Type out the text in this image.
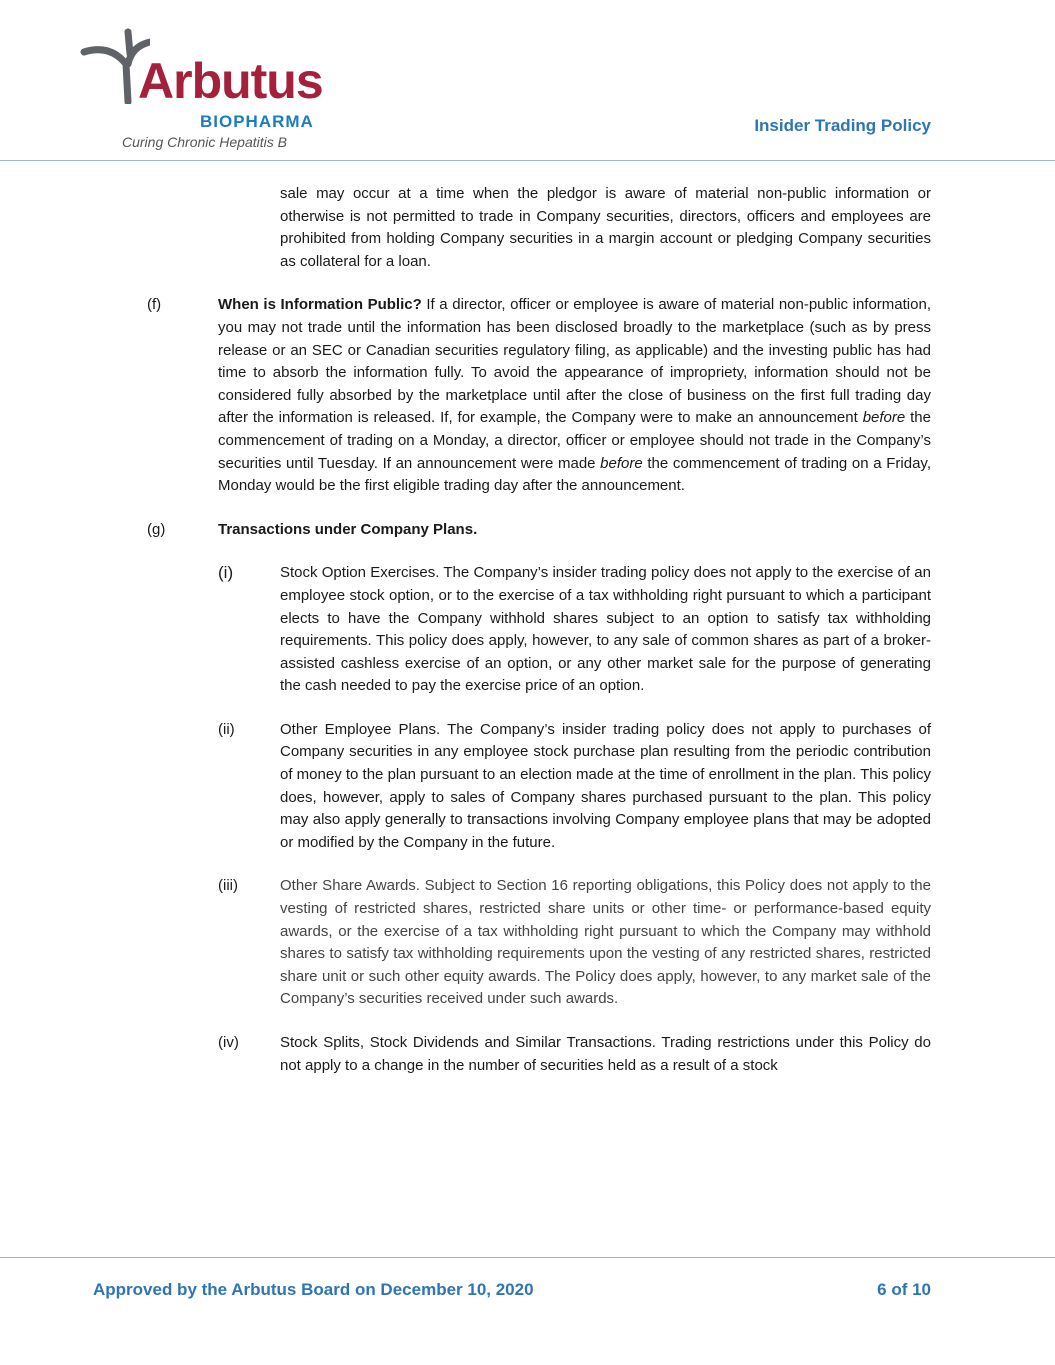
Arbutus
BIOPHARMA
Curing Chronic Hepatitis B
Insider Trading Policy
sale may occur at a time when the pledgor is aware of material non-public information or otherwise is not permitted to trade in Company securities, directors, officers and employees are prohibited from holding Company securities in a margin account or pledging Company securities as collateral for a loan.
(f)	When is Information Public? If a director, officer or employee is aware of material non-public information, you may not trade until the information has been disclosed broadly to the marketplace (such as by press release or an SEC or Canadian securities regulatory filing, as applicable) and the investing public has had time to absorb the information fully. To avoid the appearance of impropriety, information should not be considered fully absorbed by the marketplace until after the close of business on the first full trading day after the information is released. If, for example, the Company were to make an announcement before the commencement of trading on a Monday, a director, officer or employee should not trade in the Company’s securities until Tuesday. If an announcement were made before the commencement of trading on a Friday, Monday would be the first eligible trading day after the announcement.
(g)	Transactions under Company Plans.
(i)	Stock Option Exercises. The Company’s insider trading policy does not apply to the exercise of an employee stock option, or to the exercise of a tax withholding right pursuant to which a participant elects to have the Company withhold shares subject to an option to satisfy tax withholding requirements. This policy does apply, however, to any sale of common shares as part of a broker-assisted cashless exercise of an option, or any other market sale for the purpose of generating the cash needed to pay the exercise price of an option.
(ii)	Other Employee Plans. The Company’s insider trading policy does not apply to purchases of Company securities in any employee stock purchase plan resulting from the periodic contribution of money to the plan pursuant to an election made at the time of enrollment in the plan. This policy does, however, apply to sales of Company shares purchased pursuant to the plan. This policy may also apply generally to transactions involving Company employee plans that may be adopted or modified by the Company in the future.
(iii)	Other Share Awards. Subject to Section 16 reporting obligations, this Policy does not apply to the vesting of restricted shares, restricted share units or other time- or performance-based equity awards, or the exercise of a tax withholding right pursuant to which the Company may withhold shares to satisfy tax withholding requirements upon the vesting of any restricted shares, restricted share unit or such other equity awards. The Policy does apply, however, to any market sale of the Company’s securities received under such awards.
(iv)	Stock Splits, Stock Dividends and Similar Transactions. Trading restrictions under this Policy do not apply to a change in the number of securities held as a result of a stock
Approved by the Arbutus Board on December 10, 2020	6 of 10
